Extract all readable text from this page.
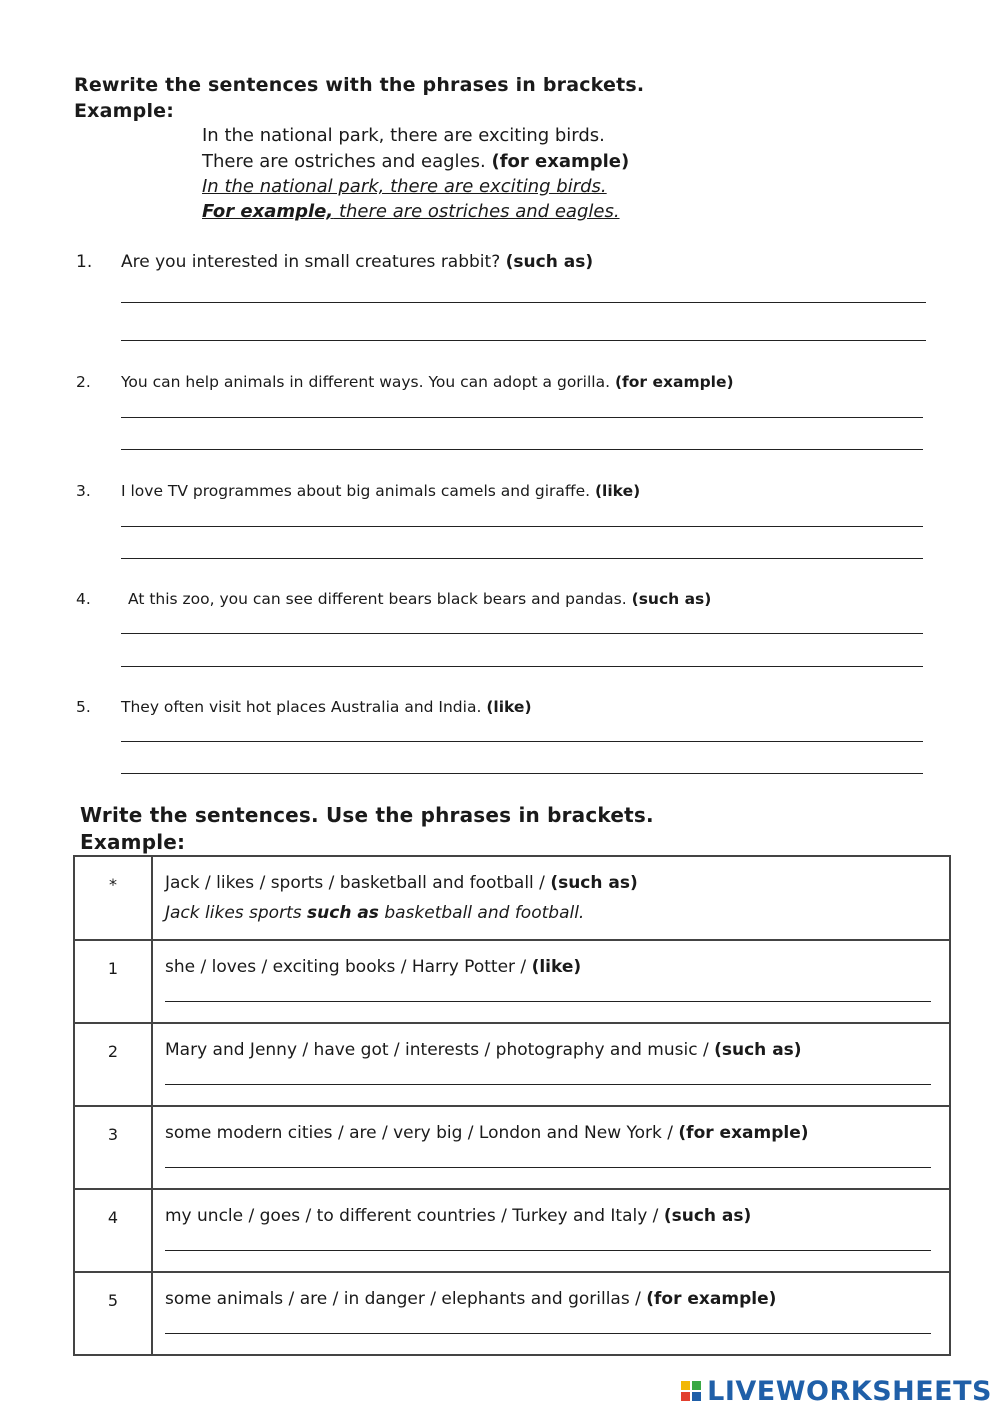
Rewrite the sentences with the phrases in brackets.
Example:
In the national park, there are exciting birds.
There are ostriches and eagles. (for example)
In the national park, there are exciting birds.
For example, there are ostriches and eagles.
1. Are you interested in small creatures rabbit? (such as)
2. You can help animals in different ways. You can adopt a gorilla. (for example)
3. I love TV programmes about big animals camels and giraffe. (like)
4. At this zoo, you can see different bears black bears and pandas. (such as)
5. They often visit hot places Australia and India. (like)
Write the sentences. Use the phrases in brackets.
Example:
*	Jack / likes / sports / basketball and football / (such as)
Jack likes sports such as basketball and football.

1	she / loves / exciting books / Harry Potter / (like)

2	Mary and Jenny / have got / interests / photography and music / (such as)

3	some modern cities / are / very big / London and New York / (for example)

4	my uncle / goes / to different countries / Turkey and Italy / (such as)

5	some animals / are / in danger / elephants and gorillas / (for example)
LIVEWORKSHEETS
